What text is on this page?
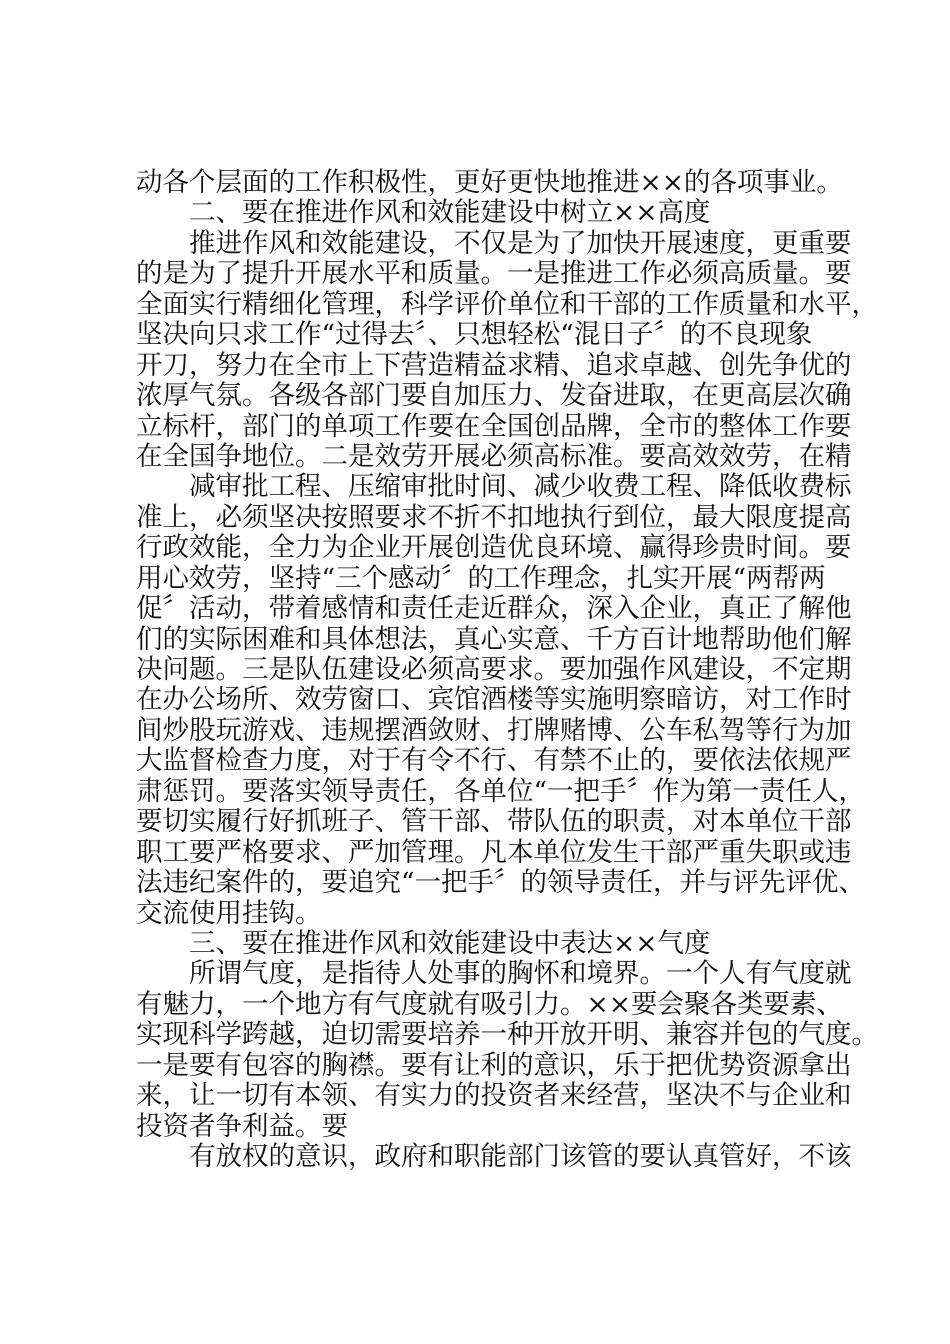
动各个层面的工作积极性，更好更快地推进××的各项事业。
二、要在推进作风和效能建设中树立××高度
推进作风和效能建设，不仅是为了加快开展速度，更重要
的是为了提升开展水平和质量。一是推进工作必须高质量。要
全面实行精细化管理，科学评价单位和干部的工作质量和水平，
坚决向只求工作“过得去〞、只想轻松“混日子〞的不良现象
开刀，努力在全市上下营造精益求精、追求卓越、创先争优的
浓厚气氛。各级各部门要自加压力、发奋进取，在更高层次确
立标杆，部门的单项工作要在全国创品牌，全市的整体工作要
在全国争地位。二是效劳开展必须高标准。要高效效劳，在精
减审批工程、压缩审批时间、减少收费工程、降低收费标
准上，必须坚决按照要求不折不扣地执行到位，最大限度提高
行政效能，全力为企业开展创造优良环境、赢得珍贵时间。要
用心效劳，坚持“三个感动〞的工作理念，扎实开展“两帮两
促〞活动，带着感情和责任走近群众，深入企业，真正了解他
们的实际困难和具体想法，真心实意、千方百计地帮助他们解
决问题。三是队伍建设必须高要求。要加强作风建设，不定期
在办公场所、效劳窗口、宾馆酒楼等实施明察暗访，对工作时
间炒股玩游戏、违规摆酒敛财、打牌赌博、公车私驾等行为加
大监督检查力度，对于有令不行、有禁不止的，要依法依规严
肃惩罚。要落实领导责任，各单位“一把手〞作为第一责任人，
要切实履行好抓班子、管干部、带队伍的职责，对本单位干部
职工要严格要求、严加管理。凡本单位发生干部严重失职或违
法违纪案件的，要追究“一把手〞的领导责任，并与评先评优、
交流使用挂钩。
三、要在推进作风和效能建设中表达××气度
所谓气度，是指待人处事的胸怀和境界。一个人有气度就
有魅力，一个地方有气度就有吸引力。××要会聚各类要素、
实现科学跨越，迫切需要培养一种开放开明、兼容并包的气度。
一是要有包容的胸襟。要有让利的意识，乐于把优势资源拿出
来，让一切有本领、有实力的投资者来经营，坚决不与企业和
投资者争利益。要
有放权的意识，政府和职能部门该管的要认真管好，不该
